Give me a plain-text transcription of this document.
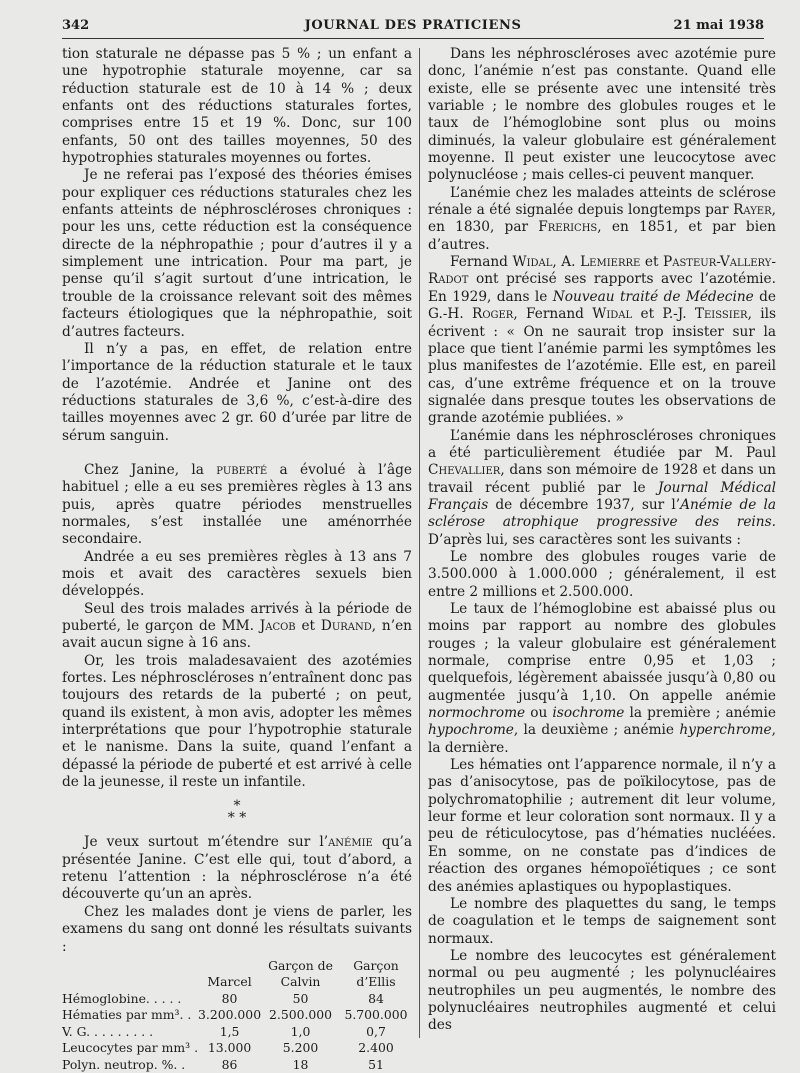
342	JOURNAL DES PRATICIENS	21 mai 1938

tion staturale ne dépasse pas 5 % ; un enfant a une hypotrophie staturale moyenne, car sa réduction staturale est de 10 à 14 % ; deux enfants ont des réductions staturales fortes, comprises entre 15 et 19 %. Donc, sur 100 enfants, 50 ont des tailles moyennes, 50 des hypotrophies staturales moyennes ou fortes.

Je ne referai pas l’exposé des théories émises pour expliquer ces réductions staturales chez les enfants atteints de néphroscléroses chroniques : pour les uns, cette réduction est la conséquence directe de la néphropathie ; pour d’autres il y a simplement une intrication. Pour ma part, je pense qu’il s’agit surtout d’une intrication, le trouble de la croissance relevant soit des mêmes facteurs étiologiques que la néphropathie, soit d’autres facteurs.

Il n’y a pas, en effet, de relation entre l’importance de la réduction staturale et le taux de l’azotémie. Andrée et Janine ont des réductions staturales de 3,6 %, c’est-à-dire des tailles moyennes avec 2 gr. 60 d’urée par litre de sérum sanguin.

Chez Janine, la puberté a évolué à l’âge habituel ; elle a eu ses premières règles à 13 ans puis, après quatre périodes menstruelles normales, s’est installée une aménorrhée secondaire.

Andrée a eu ses premières règles à 13 ans 7 mois et avait des caractères sexuels bien développés.

Seul des trois malades arrivés à la période de puberté, le garçon de MM. Jacob et Durand, n’en avait aucun signe à 16 ans.

Or, les trois maladesavaient des azotémies fortes. Les néphroscléroses n’entraînent donc pas toujours des retards de la puberté ; on peut, quand ils existent, à mon avis, adopter les mêmes interprétations que pour l’hypotrophie staturale et le nanisme. Dans la suite, quand l’enfant a dépassé la période de puberté et est arrivé à celle de la jeunesse, il reste un infantile.

*
* *

Je veux surtout m’étendre sur l’anémie qu’a présentée Janine. C’est elle qui, tout d’abord, a retenu l’attention : la néphrosclérose n’a été découverte qu’un an après.

Chez les malades dont je viens de parler, les examens du sang ont donné les résultats suivants :

	Marcel	Garçon de Calvin	Garçon d’Ellis
Hémoglobine. . . . .	80	50	84
Hématies par mm³. .	3.200.000	2.500.000	5.700.000
V. G. . . . . . . . .	1,5	1,0	0,7
Leucocytes par mm³ .	13.000	5.200	2.400
Polyn. neutrop. %. .	86	18	51

Dans les néphroscléroses avec azotémie pure donc, l’anémie n’est pas constante. Quand elle existe, elle se présente avec une intensité très variable ; le nombre des globules rouges et le taux de l’hémoglobine sont plus ou moins diminués, la valeur globulaire est généralement moyenne. Il peut exister une leucocytose avec polynucléose ; mais celles-ci peuvent manquer.

L’anémie chez les malades atteints de sclérose rénale a été signalée depuis longtemps par Rayer, en 1830, par Frerichs, en 1851, et par bien d’autres.

Fernand Widal, A. Lemierre et Pasteur-Vallery-Radot ont précisé ses rapports avec l’azotémie. En 1929, dans le Nouveau traité de Médecine de G.-H. Roger, Fernand Widal et P.-J. Teissier, ils écrivent : « On ne saurait trop insister sur la place que tient l’anémie parmi les symptômes les plus manifestes de l’azotémie. Elle est, en pareil cas, d’une extrême fréquence et on la trouve signalée dans presque toutes les observations de grande azotémie publiées. »

L’anémie dans les néphroscléroses chroniques a été particulièrement étudiée par M. Paul Chevallier, dans son mémoire de 1928 et dans un travail récent publié par le Journal Médical Français de décembre 1937, sur l’Anémie de la sclérose atrophique progressive des reins. D’après lui, ses caractères sont les suivants :

Le nombre des globules rouges varie de 3.500.000 à 1.000.000 ; généralement, il est entre 2 millions et 2.500.000.

Le taux de l’hémoglobine est abaissé plus ou moins par rapport au nombre des globules rouges ; la valeur globulaire est généralement normale, comprise entre 0,95 et 1,03 ; quelquefois, légèrement abaissée jusqu’à 0,80 ou augmentée jusqu’à 1,10. On appelle anémie normochrome ou isochrome la première ; anémie hypochrome, la deuxième ; anémie hyperchrome, la dernière.

Les hématies ont l’apparence normale, il n’y a pas d’anisocytose, pas de poïkilocytose, pas de polychromatophilie ; autrement dit leur volume, leur forme et leur coloration sont normaux. Il y a peu de réticulocytose, pas d’hématies nucléées. En somme, on ne constate pas d’indices de réaction des organes hémopoïétiques ; ce sont des anémies aplastiques ou hypoplastiques.

Le nombre des plaquettes du sang, le temps de coagulation et le temps de saignement sont normaux.

Le nombre des leucocytes est généralement normal ou peu augmenté ; les polynucléaires neutrophiles un peu augmentés, le nombre des polynucléaires neutrophiles augmenté et celui des
